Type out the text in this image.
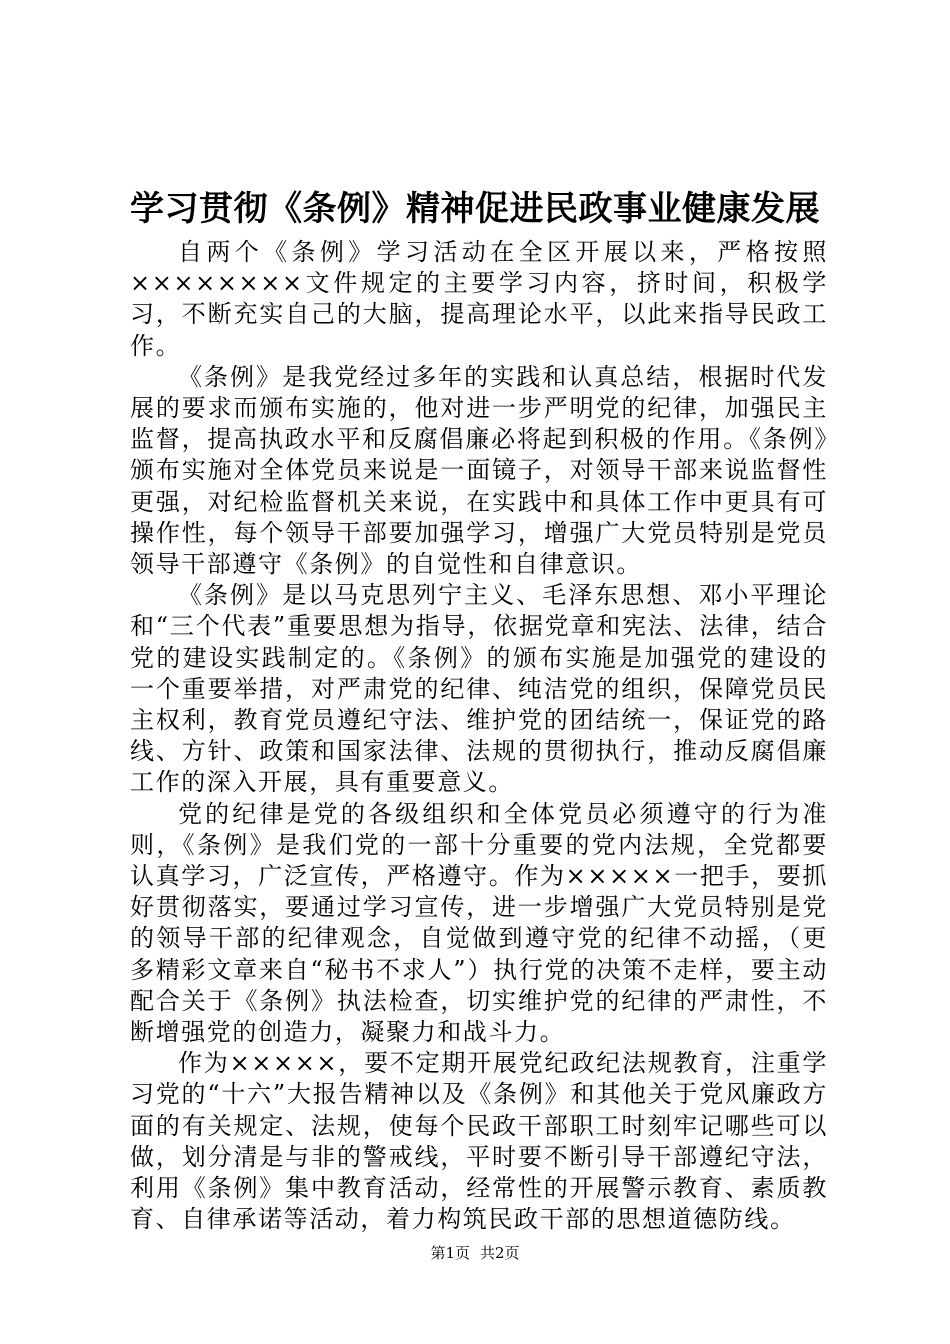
学习贯彻《条例》精神促进民政事业健康发展

自两个《条例》学习活动在全区开展以来，严格按照××××××××文件规定的主要学习内容，挤时间，积极学习，不断充实自己的大脑，提高理论水平，以此来指导民政工作。

《条例》是我党经过多年的实践和认真总结，根据时代发展的要求而颁布实施的，他对进一步严明党的纪律，加强民主监督，提高执政水平和反腐倡廉必将起到积极的作用。《条例》颁布实施对全体党员来说是一面镜子，对领导干部来说监督性更强，对纪检监督机关来说，在实践中和具体工作中更具有可操作性，每个领导干部要加强学习，增强广大党员特别是党员领导干部遵守《条例》的自觉性和自律意识。

《条例》是以马克思列宁主义、毛泽东思想、邓小平理论和“三个代表”重要思想为指导，依据党章和宪法、法律，结合党的建设实践制定的。《条例》的颁布实施是加强党的建设的一个重要举措，对严肃党的纪律、纯洁党的组织，保障党员民主权利，教育党员遵纪守法、维护党的团结统一，保证党的路线、方针、政策和国家法律、法规的贯彻执行，推动反腐倡廉工作的深入开展，具有重要意义。

党的纪律是党的各级组织和全体党员必须遵守的行为准则，《条例》是我们党的一部十分重要的党内法规，全党都要认真学习，广泛宣传，严格遵守。作为×××××一把手，要抓好贯彻落实，要通过学习宣传，进一步增强广大党员特别是党的领导干部的纪律观念，自觉做到遵守党的纪律不动摇，（更多精彩文章来自“秘书不求人”）执行党的决策不走样，要主动配合关于《条例》执法检查，切实维护党的纪律的严肃性，不断增强党的创造力，凝聚力和战斗力。

作为×××××，要不定期开展党纪政纪法规教育，注重学习党的“十六”大报告精神以及《条例》和其他关于党风廉政方面的有关规定、法规，使每个民政干部职工时刻牢记哪些可以做，划分清是与非的警戒线，平时要不断引导干部遵纪守法，利用《条例》集中教育活动，经常性的开展警示教育、素质教育、自律承诺等活动，着力构筑民政干部的思想道德防线。

第1页 共2页
